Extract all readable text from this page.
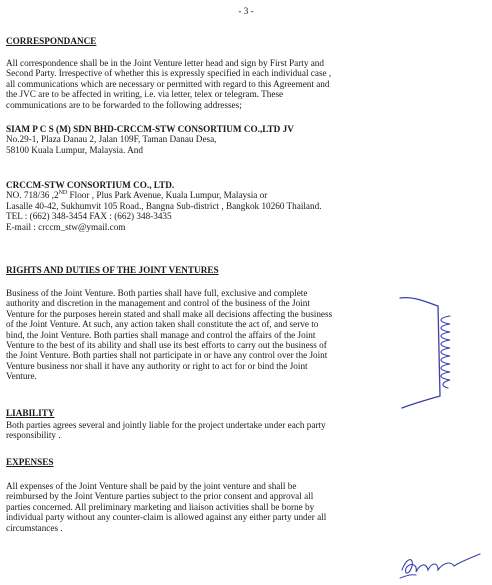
- 3 -
CORRESPONDANCE
All correspondence shall be in the Joint Venture letter head and sign by First Party and
Second Party. Irrespective of whether this is expressly specified in each individual case ,
all communications which are necessary or permitted with regard to this Agreement and
the JVC are to be affected in writing, i.e. via letter, telex or telegram. These
communications are to be forwarded to the following addresses;
SIAM P C S (M) SDN BHD-CRCCM-STW CONSORTIUM CO.,LTD JV
No.29-1, Plaza Danau 2, Jalan 109F, Taman Danau Desa,
58100 Kuala Lumpur, Malaysia. And
CRCCM-STW CONSORTIUM CO., LTD.
NO. 718/36 ,2ND Floor , Plus Park Avenue, Kuala Lumpur, Malaysia or
Lasalle 40-42, Sukhumvit 105 Road., Bangna Sub-district , Bangkok 10260 Thailand.
TEL : (662) 348-3454 FAX : (662) 348-3435
E-mail : crccm_stw@ymail.com
RIGHTS AND DUTIES OF THE JOINT VENTURES
Business of the Joint Venture. Both parties shall have full, exclusive and complete
authority and discretion in the management and control of the business of the Joint
Venture for the purposes herein stated and shall make all decisions affecting the business
of the Joint Venture. At such, any action taken shall constitute the act of, and serve to
bind, the Joint Venture. Both parties shall manage and control the affairs of the Joint
Venture to the best of its ability and shall use its best efforts to carry out the business of
the Joint Venture. Both parties shall not participate in or have any control over the Joint
Venture business nor shall it have any authority or right to act for or bind the Joint
Venture.
LIABILITY
Both parties agrees several and jointly liable for the project undertake under each party
responsibility .
EXPENSES
All expenses of the Joint Venture shall be paid by the joint venture and shall be
reimbursed by the Joint Venture parties subject to the prior consent and approval all
parties concerned. All preliminary marketing and liaison activities shall be borne by
individual party without any counter-claim is allowed against any either party under all
circumstances .
